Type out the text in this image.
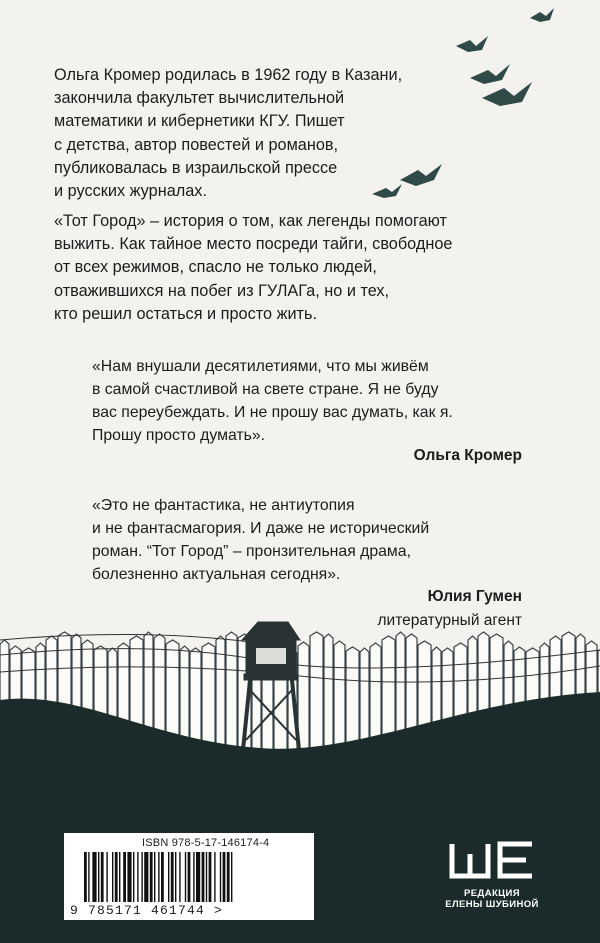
Ольга Кромер родилась в 1962 году в Казани,
закончила факультет вычислительной
математики и кибернетики КГУ. Пишет
с детства, автор повестей и романов,
публиковалась в израильской прессе
и русских журналах.

«Тот Город» – история о том, как легенды помогают
выжить. Как тайное место посреди тайги, свободное
от всех режимов, спасло не только людей,
отважившихся на побег из ГУЛАГа, но и тех,
кто решил остаться и просто жить.

«Нам внушали десятилетиями, что мы живём
в самой счастливой на свете стране. Я не буду
вас переубеждать. И не прошу вас думать, как я.
Прошу просто думать».

Ольга Кромер

«Это не фантастика, не антиутопия
и не фантасмагория. И даже не исторический
роман. “Тот Город” – пронзительная драма,
болезненно актуальная сегодня».

Юлия Гумен
литературный агент
ISBN 978-5-17-146174-4
9 785171 461744 >
РЕДАКЦИЯ
ЕЛЕНЫ ШУБИНОЙ
